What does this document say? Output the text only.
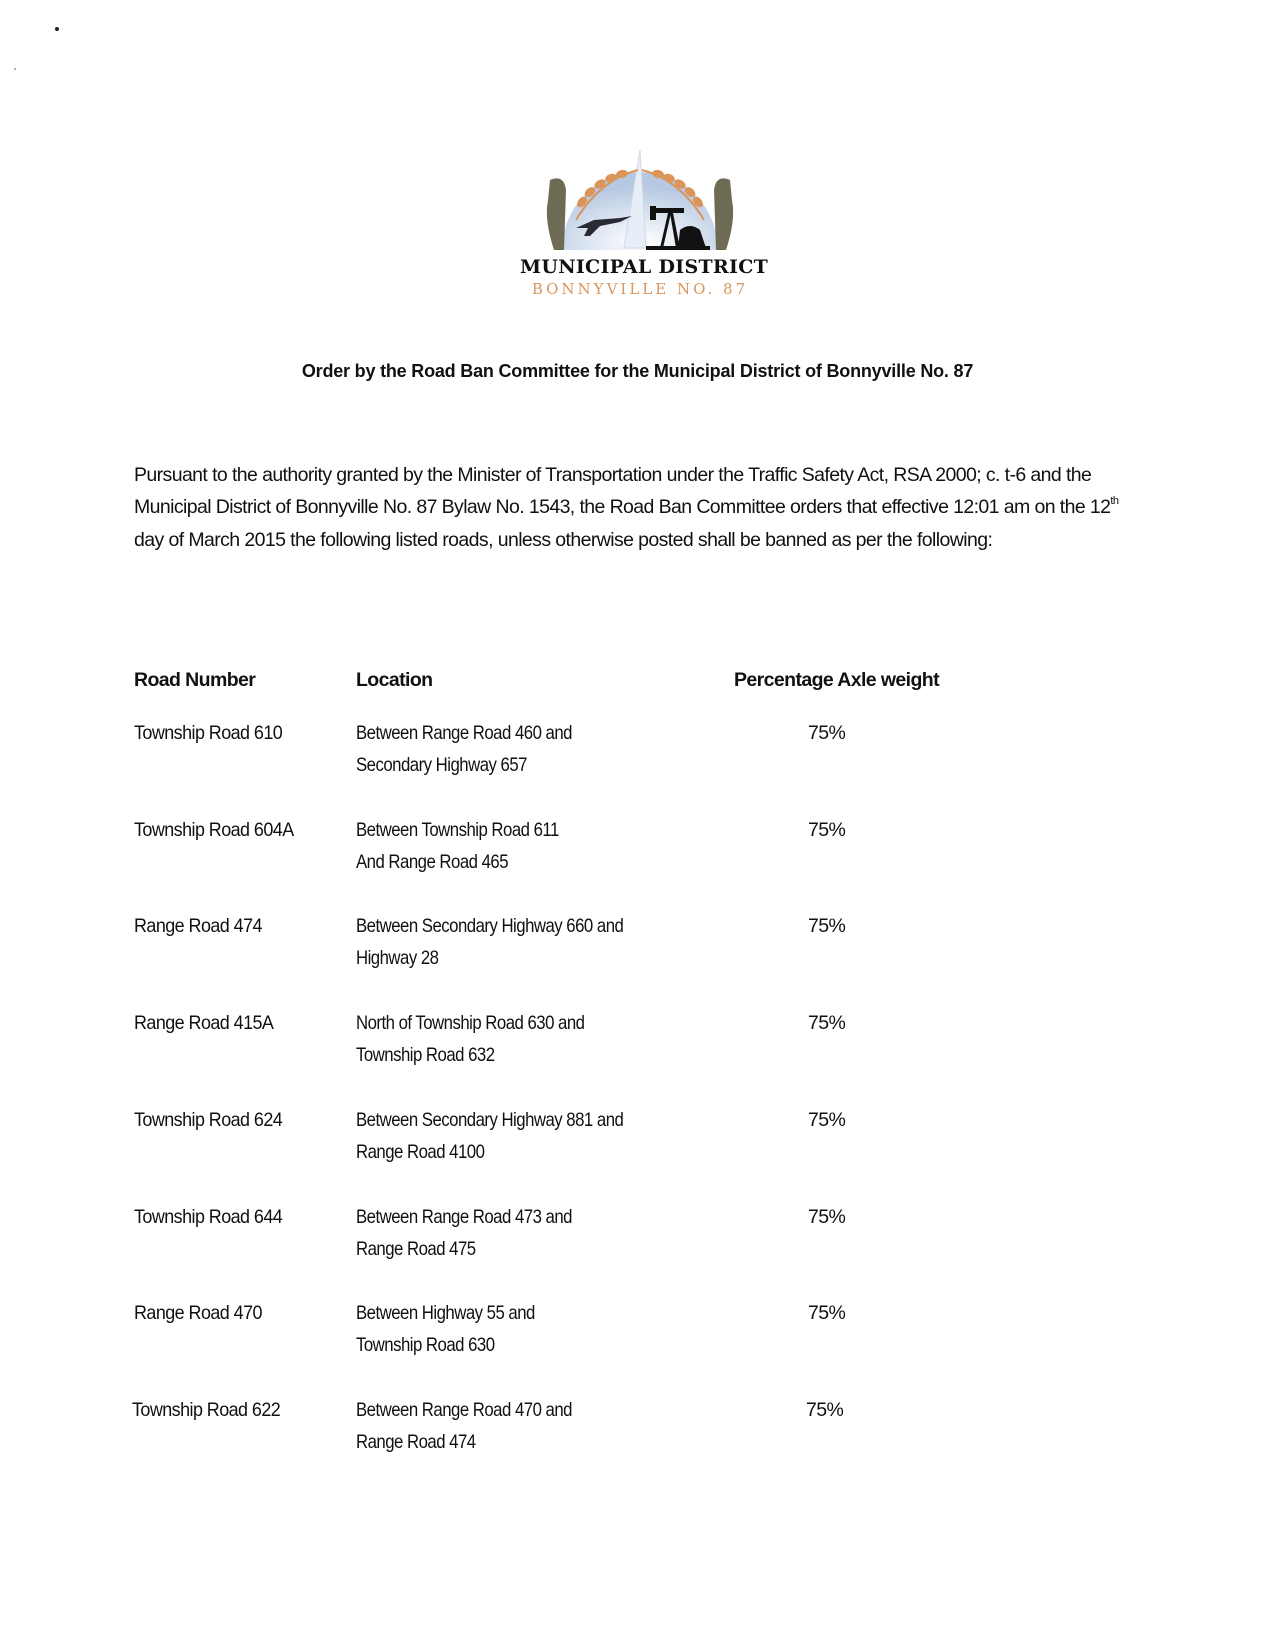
MUNICIPAL DISTRICT
BONNYVILLE NO. 87
Order by the Road Ban Committee for the Municipal District of Bonnyville No. 87
Pursuant to the authority granted by the Minister of Transportation under the Traffic Safety Act, RSA 2000; c. t-6 and the Municipal District of Bonnyville No. 87 Bylaw No. 1543, the Road Ban Committee orders that effective 12:01 am on the 12th day of March 2015 the following listed roads, unless otherwise posted shall be banned as per the following:
Road Number	Location	Percentage Axle weight
Township Road 610	Between Range Road 460 and
Secondary Highway 657
75%
Township Road 604A	Between Township Road 611
And Range Road 465
75%
Range Road 474	Between Secondary Highway 660 and
Highway 28
75%
Range Road 415A	North of Township Road 630 and
Township Road 632
75%
Township Road 624	Between Secondary Highway 881 and
Range Road 4100
75%
Township Road 644	Between Range Road 473 and
Range Road 475
75%
Range Road 470	Between Highway 55 and
Township Road 630
75%
Township Road 622	Between Range Road 470 and
Range Road 474
75%
